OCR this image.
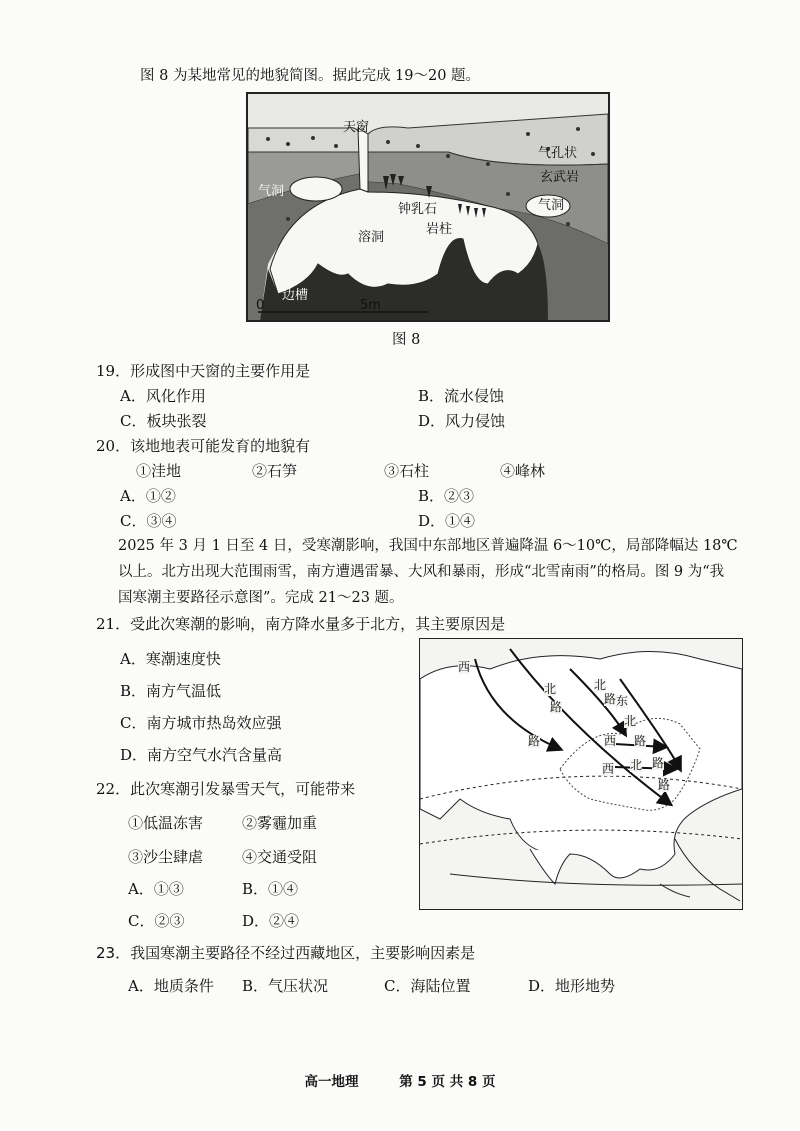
图 8 为某地常见的地貌简图。据此完成 19～20 题。
天窗
气孔状
玄武岩
气洞
气洞
钟乳石
溶洞
岩柱
边槽
0	5m
图 8
19．形成图中天窗的主要作用是
A．风化作用	B．流水侵蚀
C．板块张裂	D．风力侵蚀
20．该地地表可能发育的地貌有
①洼地	②石笋	③石柱	④峰林
A．①②	B．②③
C．③④	D．①④
2025 年 3 月 1 日至 4 日，受寒潮影响，我国中东部地区普遍降温 6～10℃，局部降幅达 18℃以上。北方出现大范围雨雪，南方遭遇雷暴、大风和暴雨，形成“北雪南雨”的格局。图 9 为“我国寒潮主要路径示意图”。完成 21～23 题。
21．受此次寒潮的影响，南方降水量多于北方，其主要原因是
A．寒潮速度快
B．南方气温低
C．南方城市热岛效应强
D．南方空气水汽含量高
西
北
路
路
北
路 东
北
路
西
西 北 路
路
22．此次寒潮引发暴雪天气，可能带来
①低温冻害	②雾霾加重
③沙尘肆虐	④交通受阻
A．①③	B．①④
C．②③	D．②④
23．我国寒潮主要路径不经过西藏地区，主要影响因素是
A．地质条件 B．气压状况	C．海陆位置	D．地形地势
高一地理	第 5 页 共 8 页
